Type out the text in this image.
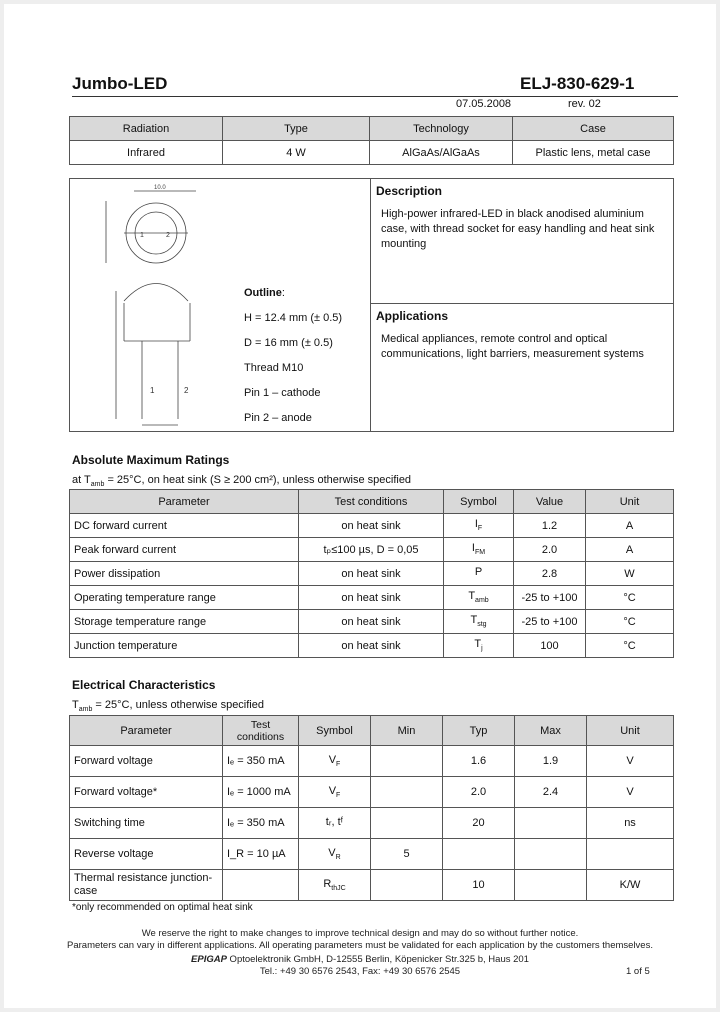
Jumbo-LED	ELJ-830-629-1
07.05.2008	rev. 02
Radiation	Type	Technology	Case
Infrared	4 W	AlGaAs/AlGaAs	Plastic lens, metal case
10.0
1	2
1	2
Outline:
H = 12.4 mm (± 0.5)
D = 16 mm (± 0.5)
Thread M10
Pin 1 – cathode
Pin 2 – anode
Description
High-power infrared-LED in black anodised aluminium case, with thread socket for easy handling and heat sink mounting
Applications
Medical appliances, remote control and optical communications, light barriers, measurement systems
Absolute Maximum Ratings
at $T_{amb} = 25^\circ C$, on heat sink (S ≥ 200 cm²), unless otherwise specified
Parameter	Test conditions	Symbol	Value	Unit
DC forward current	on heat sink	$I_F$	1.2	A
Peak forward current	tₚ≤100 µs, D = 0,05	$I_{FM}$	2.0	A
Power dissipation	on heat sink	P	2.8	W
Operating temperature range	on heat sink	$T_{amb}$	-25 to +100	°C
Storage temperature range	on heat sink	$T_{stg}$	-25 to +100	°C
Junction temperature	on heat sink	$T_j$	100	°C
Electrical Characteristics
$T_{amb} = 25^\circ C$, unless otherwise specified
Parameter	Test conditions	Symbol	Min	Typ	Max	Unit
Forward voltage	Iₑ = 350 mA	$V_F$		1.6	1.9	V
Forward voltage*	Iₑ = 1000 mA	$V_F$		2.0	2.4	V
Switching time	Iₑ = 350 mA	tᵣ, tᶠ		20		ns
Reverse voltage	I_R = 10 µA	$V_R$	5			
Thermal resistance junction-case		$R_{thJC}$		10		K/W
*only recommended on optimal heat sink
We reserve the right to make changes to improve technical design and may do so without further notice.
Parameters can vary in different applications. All operating parameters must be validated for each application by the customers themselves.
EPIGAP Optoelektronik GmbH, D-12555 Berlin, Köpenicker Str.325 b, Haus 201
Tel.: +49 30 6576 2543, Fax: +49 30 6576 2545	1 of 5
